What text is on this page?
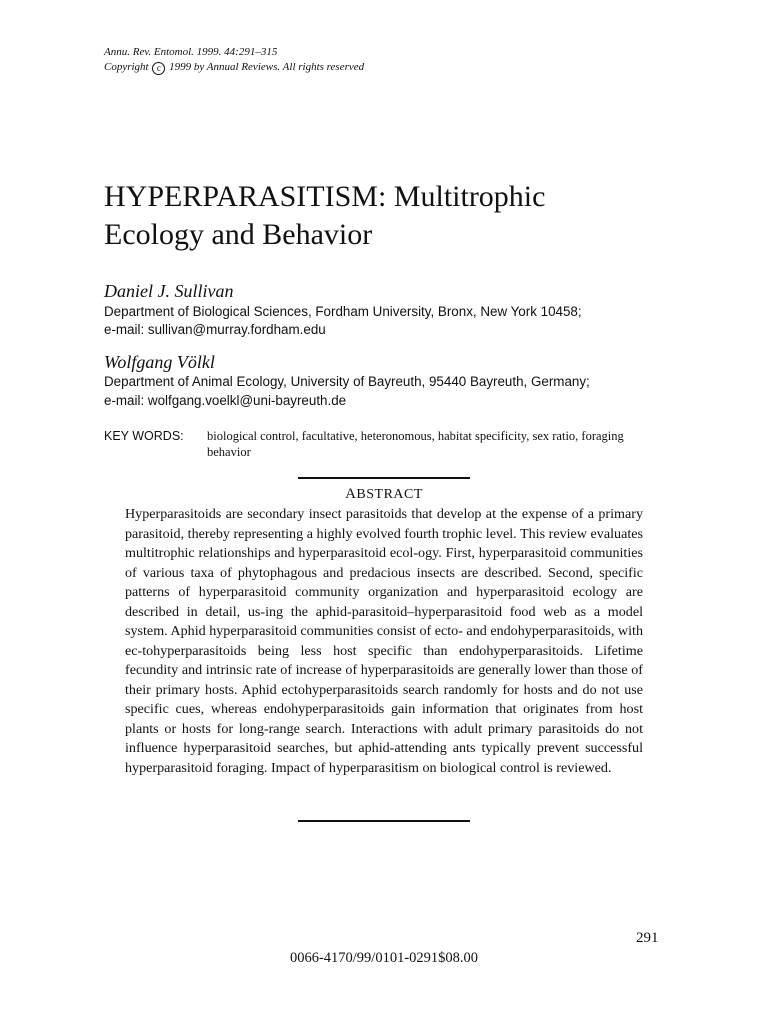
Annu. Rev. Entomol. 1999. 44:291–315
Copyright c 1999 by Annual Reviews. All rights reserved
HYPERPARASITISM: Multitrophic
Ecology and Behavior
Daniel J. Sullivan
Department of Biological Sciences, Fordham University, Bronx, New York 10458;
e-mail: sullivan@murray.fordham.edu
Wolfgang Völkl
Department of Animal Ecology, University of Bayreuth, 95440 Bayreuth, Germany;
e-mail: wolfgang.voelkl@uni-bayreuth.de
KEY WORDS: biological control, facultative, heteronomous, habitat specificity, sex ratio, foraging behavior
ABSTRACT

Hyperparasitoids are secondary insect parasitoids that develop at the expense of a primary parasitoid, thereby representing a highly evolved fourth trophic level. This review evaluates multitrophic relationships and hyperparasitoid ecol-ogy. First, hyperparasitoid communities of various taxa of phytophagous and predacious insects are described. Second, specific patterns of hyperparasitoid community organization and hyperparasitoid ecology are described in detail, us-ing the aphid-parasitoid–hyperparasitoid food web as a model system. Aphid hyperparasitoid communities consist of ecto- and endohyperparasitoids, with ec-tohyperparasitoids being less host specific than endohyperparasitoids. Lifetime fecundity and intrinsic rate of increase of hyperparasitoids are generally lower than those of their primary hosts. Aphid ectohyperparasitoids search randomly for hosts and do not use specific cues, whereas endohyperparasitoids gain information that originates from host plants or hosts for long-range search. Interactions with adult primary parasitoids do not influence hyperparasitoid searches, but aphid-attending ants typically prevent successful hyperparasitoid foraging. Impact of hyperparasitism on biological control is reviewed.

291
0066-4170/99/0101-0291$08.00
